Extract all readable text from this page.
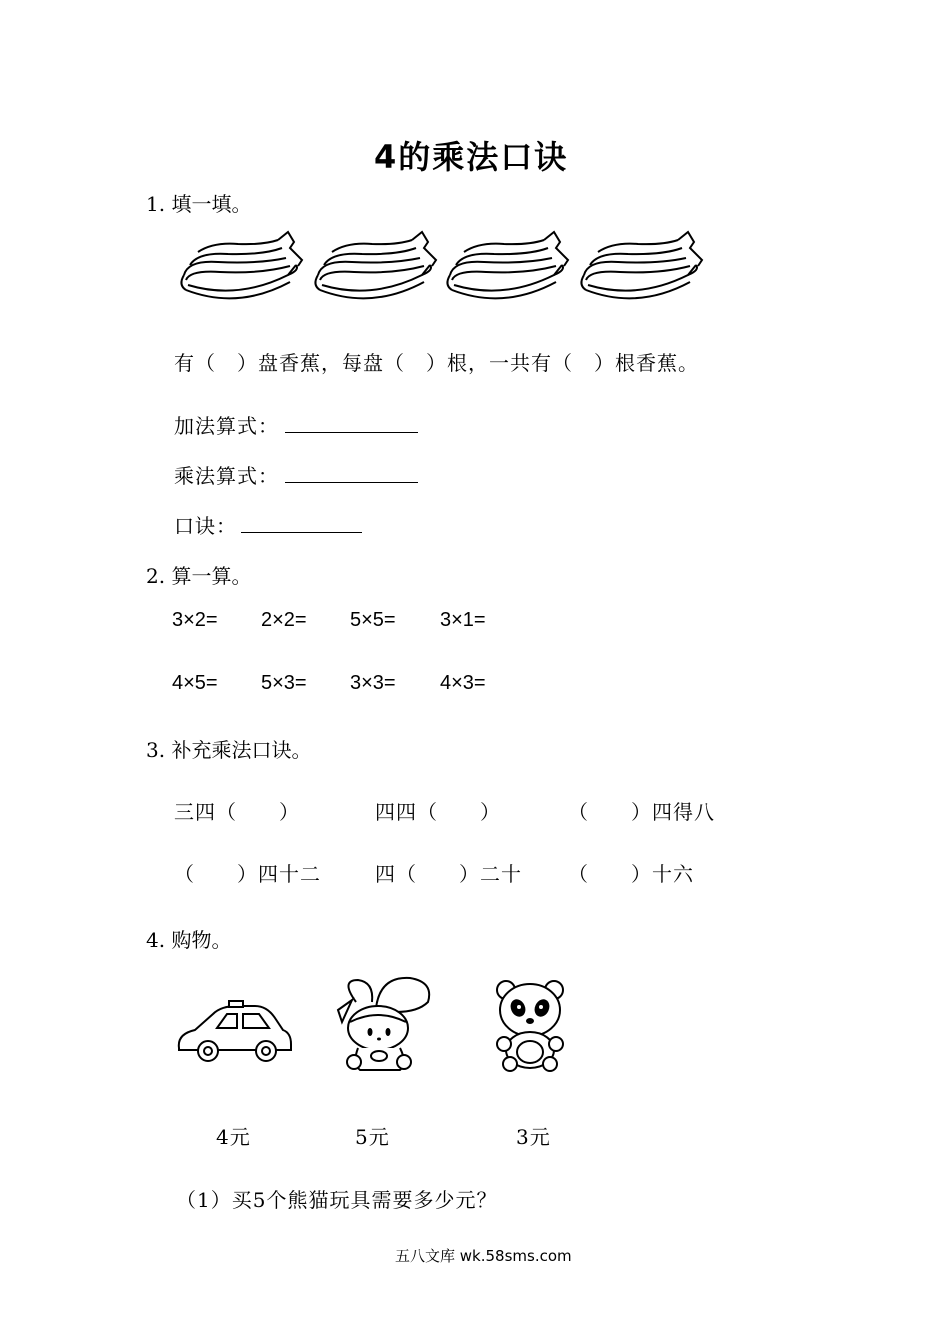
4的乘法口诀
1. 填一填。
有（　）盘香蕉，每盘（　）根，一共有（　）根香蕉。
加法算式：
乘法算式：
口诀：
2. 算一算。
3×2= 2×2= 5×5= 3×1=
4×5= 5×3= 3×3= 4×3=
3. 补充乘法口诀。
三四（　　）	四四（　　）	（　　）四得八
（　　）四十二	四（　　）二十 （　　）十六
4. 购物。
4元	5元	3元
（1）买5个熊猫玩具需要多少元？
五八文库 wk.58sms.com
